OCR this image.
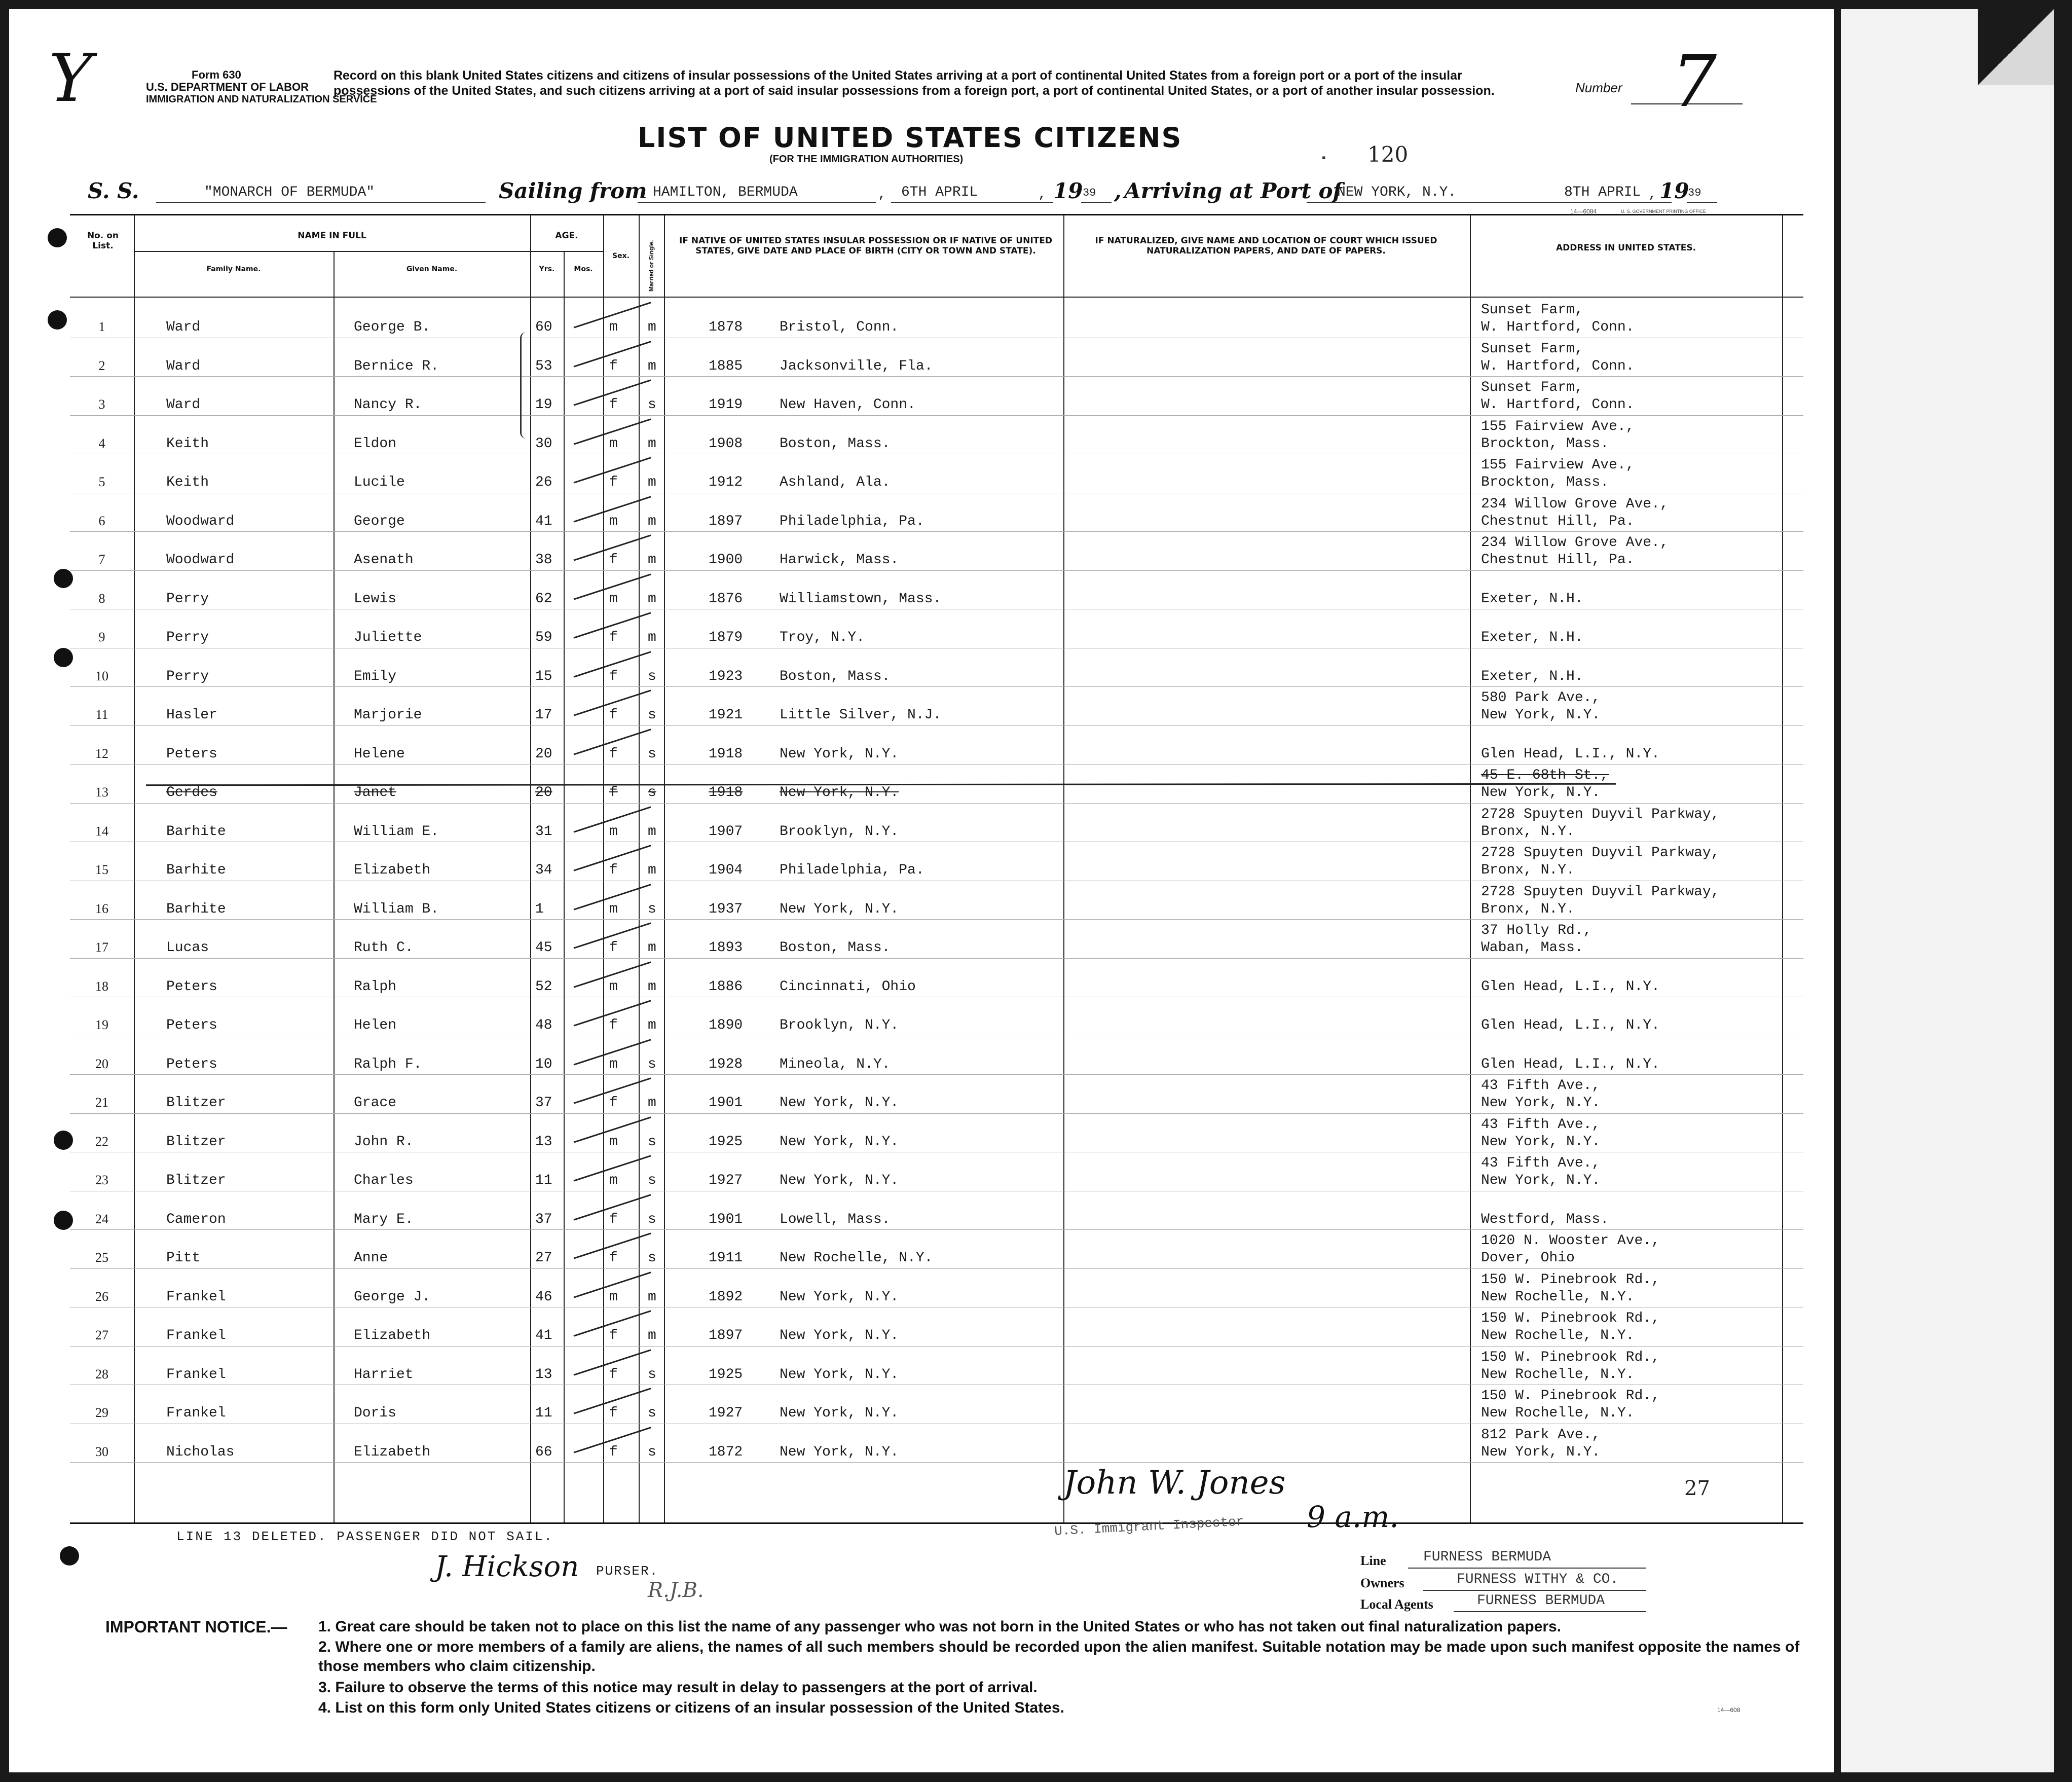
Y	Form 630
U.S. DEPARTMENT OF LABOR
IMMIGRATION AND NATURALIZATION SERVICE
Record on this blank United States citizens and citizens of insular possessions of the United States arriving at a port of continental United States from a foreign port or a port of the insular possessions of the United States, and such citizens arriving at a port of said insular possessions from a foreign port, a port of continental United States, or a port of another insular possession.	Number 7
LIST OF UNITED STATES CITIZENS
(FOR THE IMMIGRATION AUTHORITIES)	▪ 120
S. S.	"MONARCH OF BERMUDA"	Sailing from HAMILTON, BERMUDA	, 6TH APRIL	, 19 39 , Arriving at Port of
NEW YORK, N.Y.	8TH APRIL , 19
39
14—6084	U. S. GOVERNMENT PRINTING OFFICE
No. on List.
NAME IN FULL
Family Name.	Given Name.
AGE.
Yrs.	Mos.
Sex.	Married or Single.	IF NATIVE OF UNITED STATES INSULAR POSSESSION OR IF NATIVE OF UNITED STATES, GIVE DATE AND PLACE OF BIRTH (CITY OR TOWN AND STATE).
IF NATURALIZED, GIVE NAME AND LOCATION OF COURT WHICH ISSUED NATURALIZATION PAPERS, AND DATE OF PAPERS.	ADDRESS IN UNITED STATES.
1	Ward	George B.	60	m m	1878	Bristol, Conn.
Sunset Farm,
W. Hartford, Conn.
2	Ward	Bernice R.	53	f m	1885	Jacksonville, Fla.
Sunset Farm,
W. Hartford, Conn.
3	Ward	Nancy R.	19	f s	1919	New Haven, Conn.
Sunset Farm,
W. Hartford, Conn.
4	Keith	Eldon	30	m m	1908	Boston, Mass.
155 Fairview Ave.,
Brockton, Mass.
5	Keith	Lucile	26	f m	1912	Ashland, Ala.
155 Fairview Ave.,
Brockton, Mass.
6	Woodward	George	41	m m	1897	Philadelphia, Pa.
234 Willow Grove Ave.,
Chestnut Hill, Pa.
7	Woodward	Asenath	38	f m	1900	Harwick, Mass.
234 Willow Grove Ave.,
Chestnut Hill, Pa.
8	Perry	Lewis	62	m m	1876	Williamstown, Mass.	Exeter, N.H.
9	Perry	Juliette	59	f m	1879	Troy, N.Y.	Exeter, N.H.
10	Perry	Emily	15	f s	1923	Boston, Mass.	Exeter, N.H.
11	Hasler	Marjorie	17	f s	1921	Little Silver, N.J.
580 Park Ave.,
New York, N.Y.
12	Peters	Helene	20	f s	1918	New York, N.Y.	Glen Head, L.I., N.Y.
13	Gerdes	Janet	20	f s	1918	New York, N.Y.
45 E. 68th St.,
New York, N.Y.
14	Barhite	William E.	31	m m	1907	Brooklyn, N.Y.
2728 Spuyten Duyvil Parkway,
Bronx, N.Y.
15	Barhite	Elizabeth	34	f m	1904	Philadelphia, Pa.
2728 Spuyten Duyvil Parkway,
Bronx, N.Y.
16	Barhite	William B.	1	m s	1937	New York, N.Y.
2728 Spuyten Duyvil Parkway,
Bronx, N.Y.
17	Lucas	Ruth C.	45	f m	1893	Boston, Mass.
37 Holly Rd.,
Waban, Mass.
18	Peters	Ralph	52	m m	1886	Cincinnati, Ohio	Glen Head, L.I., N.Y.
19	Peters	Helen	48	f m	1890	Brooklyn, N.Y.	Glen Head, L.I., N.Y.
20	Peters	Ralph F.	10	m s	1928	Mineola, N.Y.	Glen Head, L.I., N.Y.
21	Blitzer	Grace	37	f m	1901	New York, N.Y.
43 Fifth Ave.,
New York, N.Y.
22	Blitzer	John R.	13	m s	1925	New York, N.Y.
43 Fifth Ave.,
New York, N.Y.
23	Blitzer	Charles	11	m s	1927	New York, N.Y.
43 Fifth Ave.,
New York, N.Y.
24	Cameron	Mary E.	37	f s	1901	Lowell, Mass.	Westford, Mass.
25	Pitt	Anne	27	f s	1911	New Rochelle, N.Y.
1020 N. Wooster Ave.,
Dover, Ohio
26	Frankel	George J.	46	m m	1892	New York, N.Y.
150 W. Pinebrook Rd.,
New Rochelle, N.Y.
27	Frankel	Elizabeth	41	f m	1897	New York, N.Y.
150 W. Pinebrook Rd.,
New Rochelle, N.Y.
28	Frankel	Harriet	13	f s	1925	New York, N.Y.
150 W. Pinebrook Rd.,
New Rochelle, N.Y.
29	Frankel	Doris	11	f s	1927	New York, N.Y.
150 W. Pinebrook Rd.,
New Rochelle, N.Y.
30	Nicholas	Elizabeth	66	f s	1872	New York, N.Y.
812 Park Ave.,
New York, N.Y.
27
John W. Jones
9 a.m.
U.S. Immigrant Inspector
LINE 13 DELETED. PASSENGER DID NOT SAIL.
J. Hickson PURSER.
R.J.B.
Line	FURNESS BERMUDA
Owners	FURNESS WITHY & CO.
Local Agents	FURNESS BERMUDA
IMPORTANT NOTICE.— 1. Great care should be taken not to place on this list the name of any passenger who was not born in the United States or who has not taken out final naturalization papers.
2. Where one or more members of a family are aliens, the names of all such members should be recorded upon the alien manifest. Suitable notation may be made upon such manifest opposite the names of those members who claim citizenship.
3. Failure to observe the terms of this notice may result in delay to passengers at the port of arrival.
4. List on this form only United States citizens or citizens of an insular possession of the United States.	14—608
